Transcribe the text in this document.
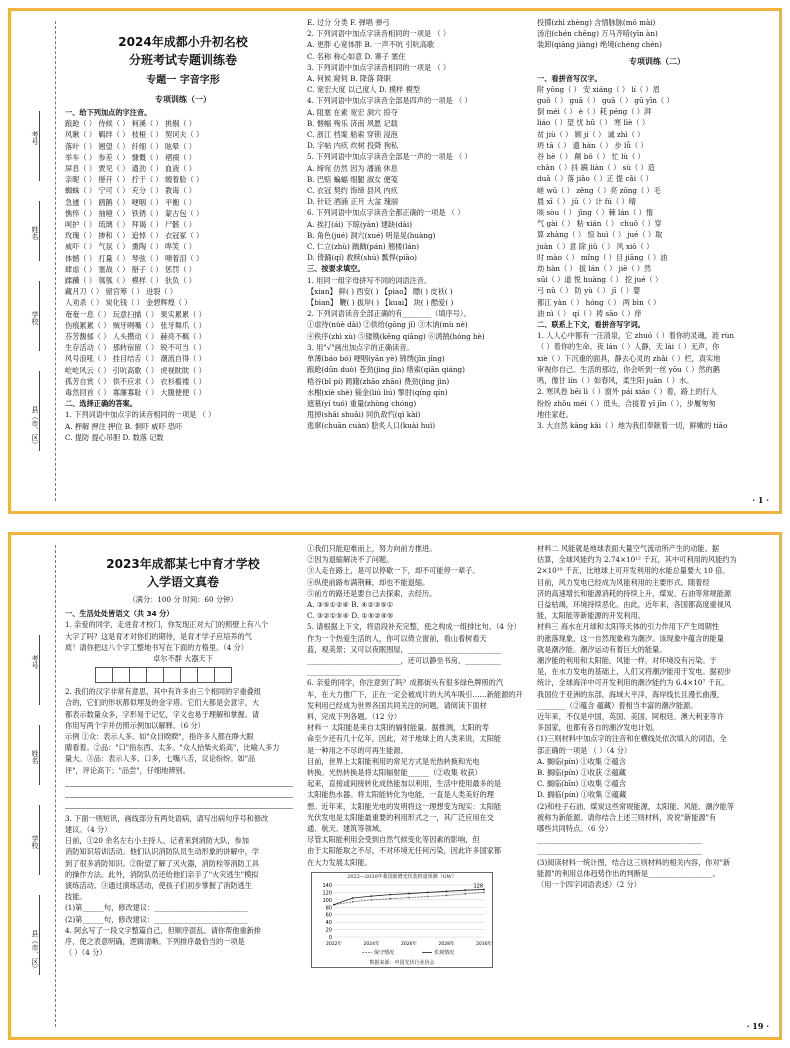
考号
姓名
学校
县（市、区）
2024年成都小升初名校
分班考试专题训练卷
专题一 字音字形
专项训练（一）
一、给下列加点的字注音。
踉跄（ ） 侍候（ ） 柯溪（ ） 挑剔（ ）
风瞅（ ） 羁绊（ ） 枝桠（ ） 契诃夫（ ）
落叶（ ） 翘望（ ） 纤细（ ） 眩晕（ ）
举车（ ） 参差（ ） 慷慨（ ） 褶裰（ ）
屏息（ ） 贾见（ ） 遒劲（ ） 血液（ ）
亲昵（ ） 掰开（ ） 拧干（ ） 缠着脸（ ）
蜘蛛（ ） 宁可（ ） 充分（ ） 教诲（ ）
急遽（ ） 鸥鹅（ ） 哽咽（ ） 平衡（ ）
憔悴（ ） 抽噎（ ） 铁锈（ ） 蒙古包（ ）
呵护（ ） 琉璃（ ） 拜谒（ ） 尸骸（ ）
玫瑰（ ） 掺和（ ） 追悼（ ） 衣冠冢（ ）
威吓（ ） 气氛（ ） 熏陶（ ） 哗笑（ ）
体憾（ ） 打量（ ） 琴弦（ ） 噢着泪（ ）
肆虐（ ） 塞战（ ） 掰子（ ） 惩罚（ ）
蹂躏（ ） 瓠瓠（ ） 模样（ ） 驮负（ ）
藏月刀（ ） 留宫筹（ ） 迸裂（ ）
人劝杀（ ） 炭化钱（ ） 金碧辉煌（ ）
奄奄一息（ ） 玩意扫描（ ） 果实累累（ ）
伤痕累累（ ） 贼牙咧嘴（ ） 张牙舞爪（ ）
芬芳馥郁（ ） 人头攒动（ ） 赫亮不羁（ ）
生存活动（ ） 那转宿留（ ） 锐不可当（ ）
风号浪吼（ ） 挂目结舌（ ） 潮流自得（ ）
屹屹风云（ ） 引吭高歌（ ） 虎视眈眈（ ）
孤芳自赏（ ） 供不应求（ ） 衣衫褴褛（ ）
毒然回首（ ） 寡廉寡耻（ ） 大腹便便（ ）
二、选择正确的答案。
1. 下列词语中加点字的读音相同的一项是 （ ）
A. 押解 押注 押位 B. 恫吓 威吓 恐吓
C. 提防 提心吊胆 D. 数落 记数
E. 过分 分类 F. 弹唱 弹弓
2. 下列词语中加点字读音相同的一项是 （ ）
A. 更胖 心宽体胖 B. 一声不吭 引吭高歌
C. 名称 称心如意 D. 寨子 塞住
3. 下列词语中加点字读音相同的一项是 （ ）
A. 何候 窥伺 B. 降落 降职
C. 宽宏大度 以己度人 D. 模样 模型
4. 下列词语中加点字读音全部是四声的一项是 （ ）
A. 阻塞 在素 宽宏 洞穴 掠夺
B. 惬幅 殉乐 济南 夙愿 记载
C. 浙江 档案 船索 穿锁 浸泡
D. 字帖 内疚 炊树 投降 狗私
5. 下列词语中加点字读音全部是一声的一项是 （ ）
A. 缔宛 仿然 因为 潘涌 休息
B. 巴赔 蝙蝠 细腿 淑女 便笺
C. 衣冠 契约 饰缔 县风 内疚
D. 针砭 酒涌 正月 大盆 瑰丽
6. 下列词语中加点字读音全都正确的一项是 （ ）
A. 挨打(ái) 下晾(yàn) 建缺(dài)
B. 角色(jué) 洞穴(xué) 明是晃(huàng)
C. 仁立(zhù) 踽踽(pán) 翘楼(lán)
D. 倚踊(qí) 救赎(shú) 瓢悍(piāo)
三、按要求填空。
1. 用同一组字母拼写不同的词语注音。
【xian】 鲜( ) 西安( ) 【piao】 瞟( ) 皮袄( )
【bian】 鞭( ) 拔岸( ) 【kuai】 块( ) 酷爱( )
2. 下列词语读音全部正确的有________（填序号）。
①虐待(nüè dài) ②供给(gōng jǐ) ③木讷(mù nè)
④秩序(zhì xù) ⑤镂镌(kēng qiāng) ⑥鸿鹄(hóng hè)
3. 用"√"画出加点字的正确读音。
单薄(báo bó) 哽咽(yān yè) 锦绣(jǐn jǐng)
踉跄(dūn duò) 苍劲(jìng jìn) 绪索(qiān qiáng)
梧谷(bǐ pí) 踌躇(zhāo zhāo) 费劲(jìng jìn)
水榭(xiè shè) 锱金(liú liú) 掣肘(qíng qín)
遮墓(yí tuó) 重量(zhòng chóng)
甩掉(shǎi shuǎi) 同仇敌忾(qì kài)
逃窜(chuān cuàn) 脍炙人口(kuài huì)
投掷(zhì zhèng) 含情脉脉(mǒ mài)
汤泊(chén chēng) 万马齐喑(yīn àn)
装卸(qiáng jiàng) 绝境(chéng chén)
专项训练（二）
一、看拼音写汉字。
附 yōng（ ） 安 xiáng（ ） lí（ ）眉
guǒ（ ） guā（ ） guā（ ） gū yīn（ ）
倒 méi（ ） è（ ）耗 péng（ ）湃
liáo（ ）望 忧 hū（ ） 寒 lìè（ ）
贫 jiù（ ） 顾 jí（ ） 诚 zhì（ ）
坍 tā（ ） 遗 hàn（ ） 步 lǚ（ ）
谷 hè（ ） 颠 bǒ（ ） 忙 lù（ ）
chàn（ ）抖 蹒 liàn（ ） sù（ ）造
duǎ（ ）落 jiǎo（ ）正 提 cǎi（ ）
嵯 wū（ ） zēng（ ）亮 zōng（ ）毛
晨 xī（ ） jū（ ）计 fú（ ）晴
咳 sòu（ ） jīng（ ）棘 lán（ ）惰
气 gài（ ） 粘 xián（ ） chuō（ ）穿
算 zhàng（ ） 惊 huì（ ） jué（ ）取
juàn（ ）意 除 jiǔ（ ） 风 xiǒ（ ）
时 mào（ ） mǐng（ ）目 jiāng（ ）油
劫 hàn（ ） 拔 lán（ ） jiē（ ）然
sūi（ ）道 悦 huàng（ ） 挖 jué（ ）
弓 nǔ（ ） 防 yù（ ） jī（ ）婴
都江 yàn（ ） hóng（ ） 两 bìn（ ）
油 nì（ ） qí（ ）祷 sāo（ ）痒
二、联系上下文，看拼音写字词。
1. 人人心中都有一汪清泉，它 zhuó（ ）着你的灵魂，涟 rùn
（ ）着你的生命。夜 lán（ ）人静，天 lài（ ）无声，你
xiè（ ）下沉重的面具，静去心灵的 zhǎi（ ）栏，真实地
审视你自己。生活的那边，你会听到一丝 yōu（ ）然的鹅
鸣，像甘 lín（ ）如春风，柔生阳 juān（ ）水。
2. 寒风卷 bēi lì（ ）窗外 pái xiáo（ ）着，路上的行人
纷纷 zhōu méi（ ）低头，合拢着 yī jīn（ ），步履匆匆
地往家赶。
3. 大自然 kāng kǎi（ ）地为我们奉献着一切，鲜嫩的 tiāo
· 1 ·
考号
姓名
学校
县（市、区）
2023年成都某七中育才学校
入学语文真卷
（满分：100 分 时间：60 分钟）
一、生活处处皆语文（共 34 分）
1. 亲爱的同学，走进育才校门，你发现正对大门的照壁上有八个
大字了吗？这是育才对你们的期待，是育才学子应培养的气
质！请你把这八个字工整地书写在下面的方格里。（4 分）
卓尔不群 大器天下
2. 我们的汉字非常有意思，其中有许多由三个相同的字重叠组
合的，它们的形状都似埋及的金字塔。它们大都是会意字，大
都表示数量众多，字形易于记忆，字义也易于理解和掌握。请
你用写两个字并仿照示例加以解释。（6 分）
示例 ①众：表示人多。如"众目睽睽"，指许多人都在睁大眼
睛看着。②品："口"指东西、太多。"众人拾柴火焰高"，比喻人多力
量大。③品：表示人多、口多，七嘴八舌，议论纷纷。如"品
评"，评论高下；"品尝"，仔细地辨别。
3. 下面一则短讯，画线部分有两处语病，请写出病句序号和修改
建议。（4 分）
日前，①20 余名左右小主持人、记者来到消防大队，参加
消防知识培训活动。他们认识消防队员生动形象的讲解中，学
到了很多消防知识。②盼望了解了灭火器，消防栓等消防工具
的操作方法。此外，消防队员还给他们亲手了"火灾逃生"模拟
演练活动。③通过演练活动，使孩子们初步掌握了消防逃生
技能。
(1)第______句，修改建议：__________________________
(2)第______句，修改建议：__________________________
4. 阿幺写了一段文字整篇自己，但顺序混乱。请你帮他重新排
序，使之表意明确，逻辑清晰。下列排序最恰当的一项是
（ ）（4 分）
①我们只能迎难而上，努力向前方推进。
②因为退缩解决不了问题。
③人走在路上，是可以停歇一下，却不可能停一辈子。
④纵使前路布满荆棘，却也不能退缩。
⑤前方的路还是要自己去探索，去经历。
A. ③⑤①②④ B. ④②③⑤①
C. ③②①⑤④ D. ①⑤②④⑤
5. 请根据上下文，将语段补充完整，使之构成一组排比句。（4 分）
作为一个热爱生活的人，你可以倚立窗前，看山看树看天
蓝，观美景；又可以夜眠围屋，__________________________
__________________________，还可以静坐书房，__________
__________________________
6. 亲爱的同学，你注意到了吗？成都街头有很多绿色牌照的汽
车，在大力推广下，正在一定会被成片的大风车吸引……新能源的开
发利用已经成为世界各国共同关注的问题。请阅读下面材
料，完成下列各题。（12 分）
材料一 太阳能是来自太阳的辐射能量。据推测，太阳的寿
命至少还有几十亿年，因此，对于地球上的人类来说，太阳能
是一种用之不尽的可再生能源。
目前，世界上太阳能利用的常见方式是光热转换和光电
转换。光热转换是将太阳辐射能______（②收集 收获）
起来，直接或间接转化成热能加以利用，生活中使用最多的是
太阳能热水器。将太阳能转化为电能，一直是人类美好的理
想。近年来，太阳能光电的发明将这一理想变为现实：太阳能
光伏发电是太阳能最重要的利用形式之一，其广泛应用在交
通、航天、建筑等领域。
尽管太阳能利用会受到自然气候变化等因素的影响，但
由于太阳能取之不尽，不对环境无任何污染，因此许多国家都
在大力发展太阳能。
2022—2030年我国新增光伏装机量预测（GW）
0
20
40
60
80
100
120
140
2022年	2024年	2026年	2028年	2030年
128
保守情况	乐观情况
数据来源：中国光伏行业协会
材料二 风能就是地球表面大量空气流动所产生的动能。据
估算，全球风能约为 2.74×10¹² 千瓦，其中可利用的风能约为
2×10¹⁰ 千瓦，比地球上可开发利用的水能总量要大 10 倍。
目前，风力发电已经成为风能利用的主要形式。随着经
济的高速增长和能源消耗的持续上升，煤炭、石油等常规能源
日益枯竭，环境持续恶化。由此，近年来，各国都高度重视风
能，太阳能等新能源的开发利用。
材料三 海水在月球和太阳等天体的引力作用下产生周期性
的涨落现象，这一自然现象称为潮汐。该现象中蕴含的能量
就是潮汐能。潮汐运动有着巨大的能量。
潮汐能的利用和太阳能、风能一样，对环境没有污染。于
是，在水力发电的基础上，人们又将潮汐能用于发电。据初步
统计，全球海洋中可开发利用的潮汐能约为 6.4×10⁷ 千瓦。
我国位于亚洲的东部，海域大平洋，海岸线长且漫长曲漫，
________（②蕴含 蕴藏）着相当丰富的潮汐能源。
近年来，不仅是中国，英国、美国、阿根廷、澳大利亚等许
多国家，也都有各自的潮汐发电计划。
(1)三则材料中加点字的注音和在横线处依次填入的词语，全
部正确的一项是 （ ）（4 分）
A. 搁临(pín) ①收集 ②蕴含
B. 搁临(pín) ①收获 ②蕴藏
C. 搁临(bīn) ①收集 ②蕴含
D. 搁临(pín) ①收集 ②蕴藏
(2)和柱子石油、煤炭这些常规能源，太阳能、风能、潮汐能等
被称为新能源。请你结合上述三则材料，说说"新能源"有
哪些共同特点。（6 分）
______________________________________________
______________________________________________
(3)阅读材料一统计图，结合这三则材料的相关内容，你对"新
能源"的利用总体趋势作出的判断是__________________。
（用一个四字词语表述）（2 分）
· 19 ·
